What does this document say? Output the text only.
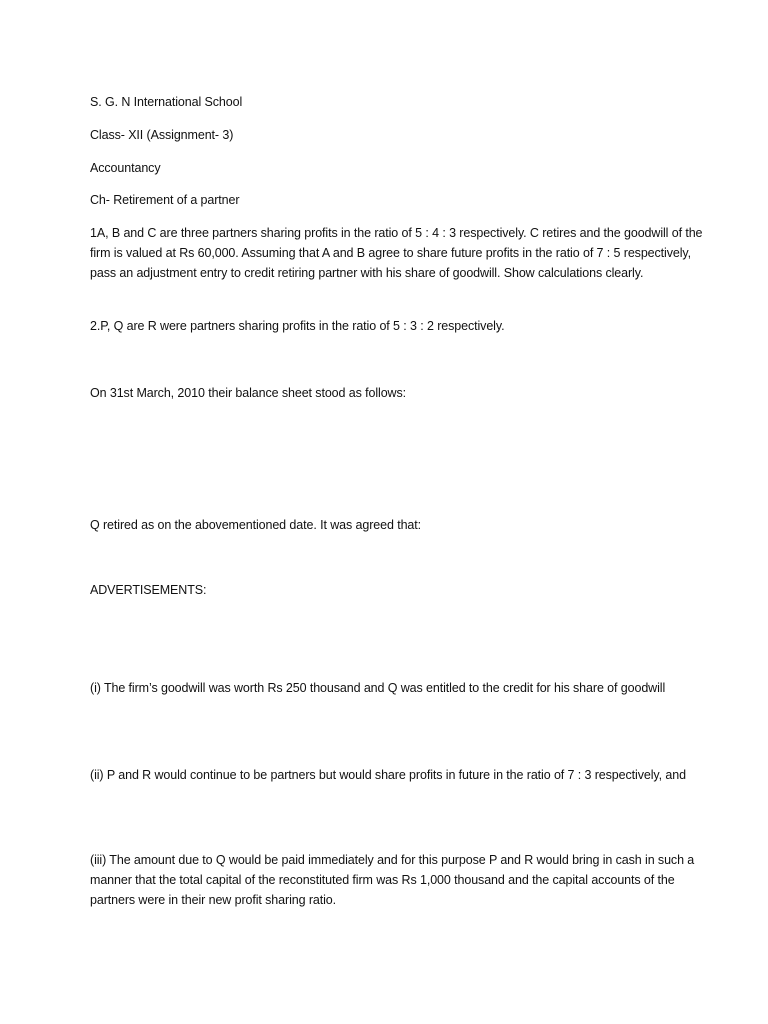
S. G. N International School
Class- XII (Assignment- 3)
Accountancy
Ch- Retirement of a partner
1A, B and C are three partners sharing profits in the ratio of 5 : 4 : 3 respectively. C retires and the goodwill of the firm is valued at Rs 60,000. Assuming that A and B agree to share future profits in the ratio of 7 : 5 respectively, pass an adjustment entry to credit retiring partner with his share of goodwill. Show calculations clearly.
2.P, Q are R were partners sharing profits in the ratio of 5 : 3 : 2 respectively.
On 31st March, 2010 their balance sheet stood as follows:
Q retired as on the abovementioned date. It was agreed that:
ADVERTISEMENTS:
(i) The firm’s goodwill was worth Rs 250 thousand and Q was entitled to the credit for his share of goodwill
(ii) P and R would continue to be partners but would share profits in future in the ratio of 7 : 3 respectively, and
(iii) The amount due to Q would be paid immediately and for this purpose P and R would bring in cash in such a manner that the total capital of the reconstituted firm was Rs 1,000 thousand and the capital accounts of the partners were in their new profit sharing ratio.
